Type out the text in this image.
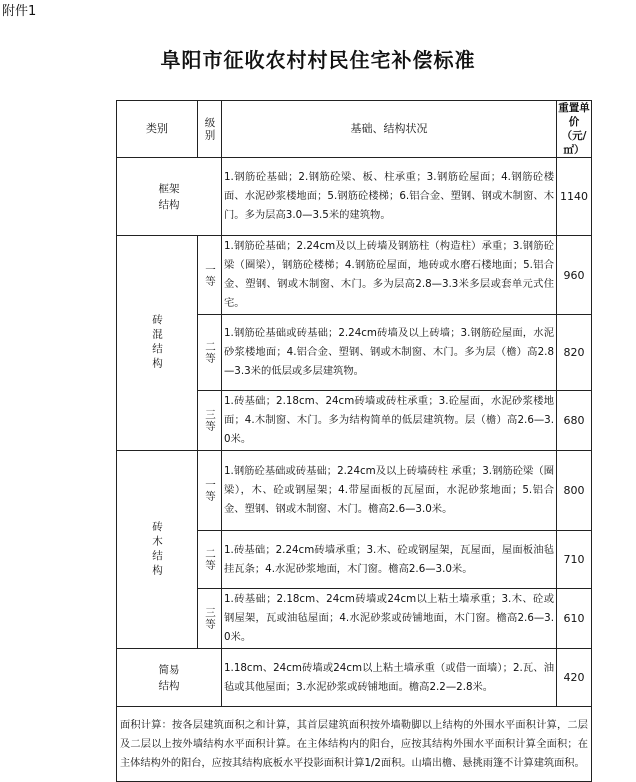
附件1
阜阳市征收农村村民住宅补偿标准
类别	级别	基础、结构状况	重置单价（元/㎡）

框架结构		1.钢筋砼基础；2.钢筋砼梁、板、柱承重；3.钢筋砼屋面；4.钢筋砼楼面、水泥砂浆楼地面；5.钢筋砼楼梯；6.铝合金、塑钢、钢或木制窗、木门。多为层高3.0—3.5米的建筑物。	1140

砖混结构	一等	1.钢筋砼基础；2.24cm及以上砖墙及钢筋柱（构造柱）承重；3.钢筋砼梁（圈梁），钢筋砼楼梯；4.钢筋砼屋面，地砖或水磨石楼地面；5.铝合金、塑钢、钢或木制窗、木门。多为层高2.8—3.3米多层或套单元式住宅。	960

	二等	1.钢筋砼基础或砖基础；2.24cm砖墙及以上砖墙；3.钢筋砼屋面，水泥砂浆楼地面；4.铝合金、塑钢、钢或木制窗、木门。多为层（檐）高2.8—3.3米的低层或多层建筑物。	820

	三等	1.砖基础；2.18cm、24cm砖墙或砖柱承重；3.砼屋面，水泥砂浆楼地面；4.木制窗、木门。多为结构简单的低层建筑物。层（檐）高2.6—3.0米。	680

砖木结构	一等	1.钢筋砼基础或砖基础；2.24cm及以上砖墙砖柱 承重；3.钢筋砼梁（圈梁），木、砼或钢屋架；4.带屋面板的瓦屋面，水泥砂浆地面；5.铝合金、塑钢、钢或木制窗、木门。檐高2.6—3.0米。	800

	二等	1.砖基础；2.24cm砖墙承重；3.木、砼或钢屋架，瓦屋面，屋面板油毡挂瓦条；4.水泥砂浆地面，木门窗。檐高2.6—3.0米。	710

	三等	1.砖基础；2.18cm、24cm砖墙或24cm以上粘土墙承重；3.木、砼或钢屋架，瓦或油毡屋面；4.水泥砂浆或砖铺地面，木门窗。檐高2.6—3.0米。	610

简易结构		1.18cm、24cm砖墙或24cm以上粘土墙承重（或借一面墙）；2.瓦、油毡或其他屋面；3.水泥砂浆或砖铺地面。檐高2.2—2.8米。	420
面积计算：按各层建筑面积之和计算，其首层建筑面积按外墙勒脚以上结构的外围水平面积计算，二层及二层以上按外墙结构水平面积计算。在主体结构内的阳台，应按其结构外围水平面积计算全面积；在主体结构外的阳台，应按其结构底板水平投影面积计算1/2面积。山墙出檐、悬挑雨篷不计算建筑面积。			
